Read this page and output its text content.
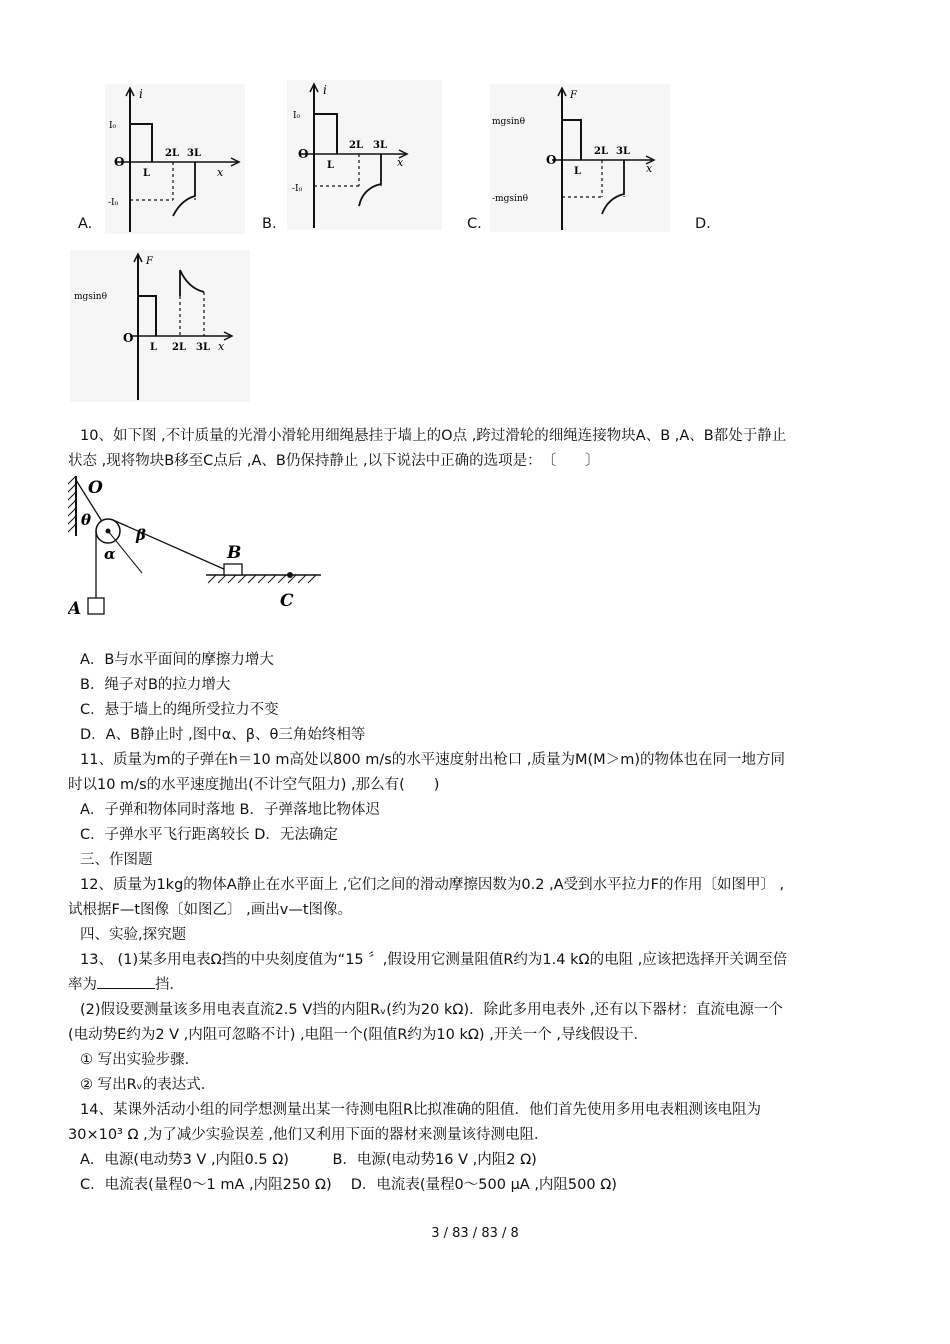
A.	B.	C.	D.
i
I₀
-I₀
O
L
2L 3L
x
i
I₀
-I₀
O
L
2L 3L
x
F
mgsinθ
-mgsinθ
O
L
2L 3L
x
F
mgsinθ
O
L 2L 3L x
10、如下图 ,不计质量的光滑小滑轮用细绳悬挂于墙上的O点 ,跨过滑轮的细绳连接物块A、B ,A、B都处于静止
状态 ,现将物块B移至C点后 ,A、B仍保持静止 ,以下说法中正确的选项是：　〔　　〕
O
θ
α
β
A
B
C
A．B与水平面间的摩擦力增大
B．绳子对B的拉力增大
C．悬于墙上的绳所受拉力不变
D．A、B静止时 ,图中α、β、θ三角始终相等
11、质量为m的子弹在h＝10 m高处以800 m/s的水平速度射出枪口 ,质量为M(M＞m)的物体也在同一地方同
时以10 m/s的水平速度抛出(不计空气阻力) ,那么有(　　)
A．子弹和物体同时落地 B．子弹落地比物体迟
C．子弹水平飞行距离较长 D．无法确定
三、作图题
12、质量为1kg的物体A静止在水平面上 ,它们之间的滑动摩擦因数为0.2 ,A受到水平拉力F的作用〔如图甲〕 ,
试根据F—t图像〔如图乙〕 ,画出v—t图像。
四、实验,探究题
13、 (1)某多用电表Ω挡的中央刻度值为“15 〞,假设用它测量阻值R约为1.4 kΩ的电阻 ,应该把选择开关调至倍
率为	挡．
(2)假设要测量该多用电表直流2.5 V挡的内阻Rᵥ(约为20 kΩ)．除此多用电表外 ,还有以下器材：直流电源一个
(电动势E约为2 V ,内阻可忽略不计) ,电阻一个(阻值R约为10 kΩ) ,开关一个 ,导线假设干．
① 写出实验步骤．
② 写出Rᵥ的表达式．
14、某课外活动小组的同学想测量出某一待测电阻R比拟准确的阻值．他们首先使用多用电表粗测该电阻为
30×10³ Ω ,为了减少实验误差 ,他们又利用下面的器材来测量该待测电阻．
A．电源(电动势3 V ,内阻0.5 Ω)　　　B．电源(电动势16 V ,内阻2 Ω)
C．电流表(量程0～1 mA ,内阻250 Ω)　 D．电流表(量程0～500 μA ,内阻500 Ω)
3 / 83 / 83 / 8
